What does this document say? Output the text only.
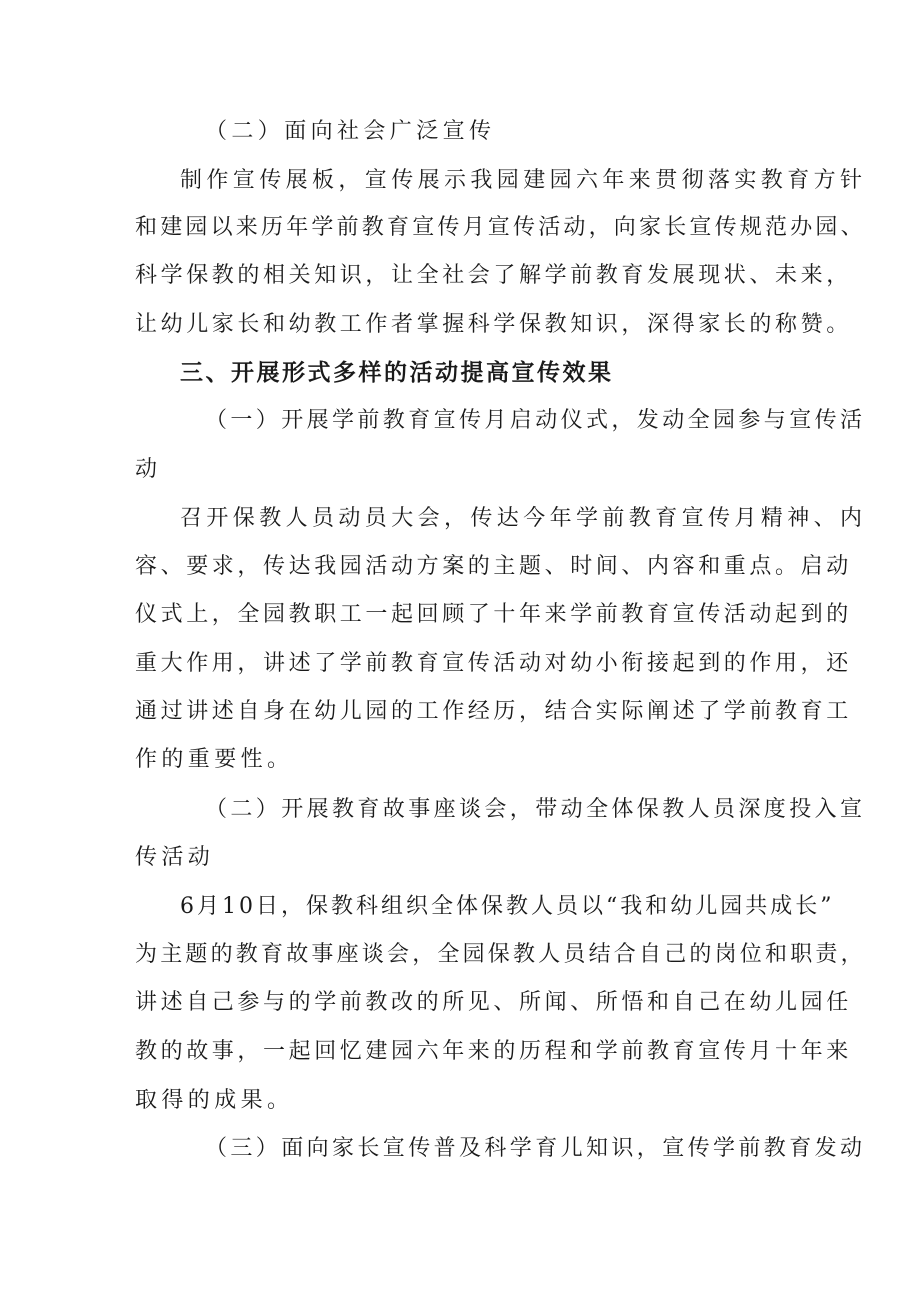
（二）面向社会广泛宣传
制作宣传展板，宣传展示我园建园六年来贯彻落实教育方针
和建园以来历年学前教育宣传月宣传活动，向家长宣传规范办园、
科学保教的相关知识，让全社会了解学前教育发展现状、未来，
让幼儿家长和幼教工作者掌握科学保教知识，深得家长的称赞。
三、开展形式多样的活动提高宣传效果
（一）开展学前教育宣传月启动仪式，发动全园参与宣传活
动
召开保教人员动员大会，传达今年学前教育宣传月精神、内
容、要求，传达我园活动方案的主题、时间、内容和重点。启动
仪式上，全园教职工一起回顾了十年来学前教育宣传活动起到的
重大作用，讲述了学前教育宣传活动对幼小衔接起到的作用，还
通过讲述自身在幼儿园的工作经历，结合实际阐述了学前教育工
作的重要性。
（二）开展教育故事座谈会，带动全体保教人员深度投入宣
传活动
6月10日，保教科组织全体保教人员以“我和幼儿园共成长”
为主题的教育故事座谈会，全园保教人员结合自己的岗位和职责，
讲述自己参与的学前教改的所见、所闻、所悟和自己在幼儿园任
教的故事，一起回忆建园六年来的历程和学前教育宣传月十年来
取得的成果。
（三）面向家长宣传普及科学育儿知识，宣传学前教育发动
